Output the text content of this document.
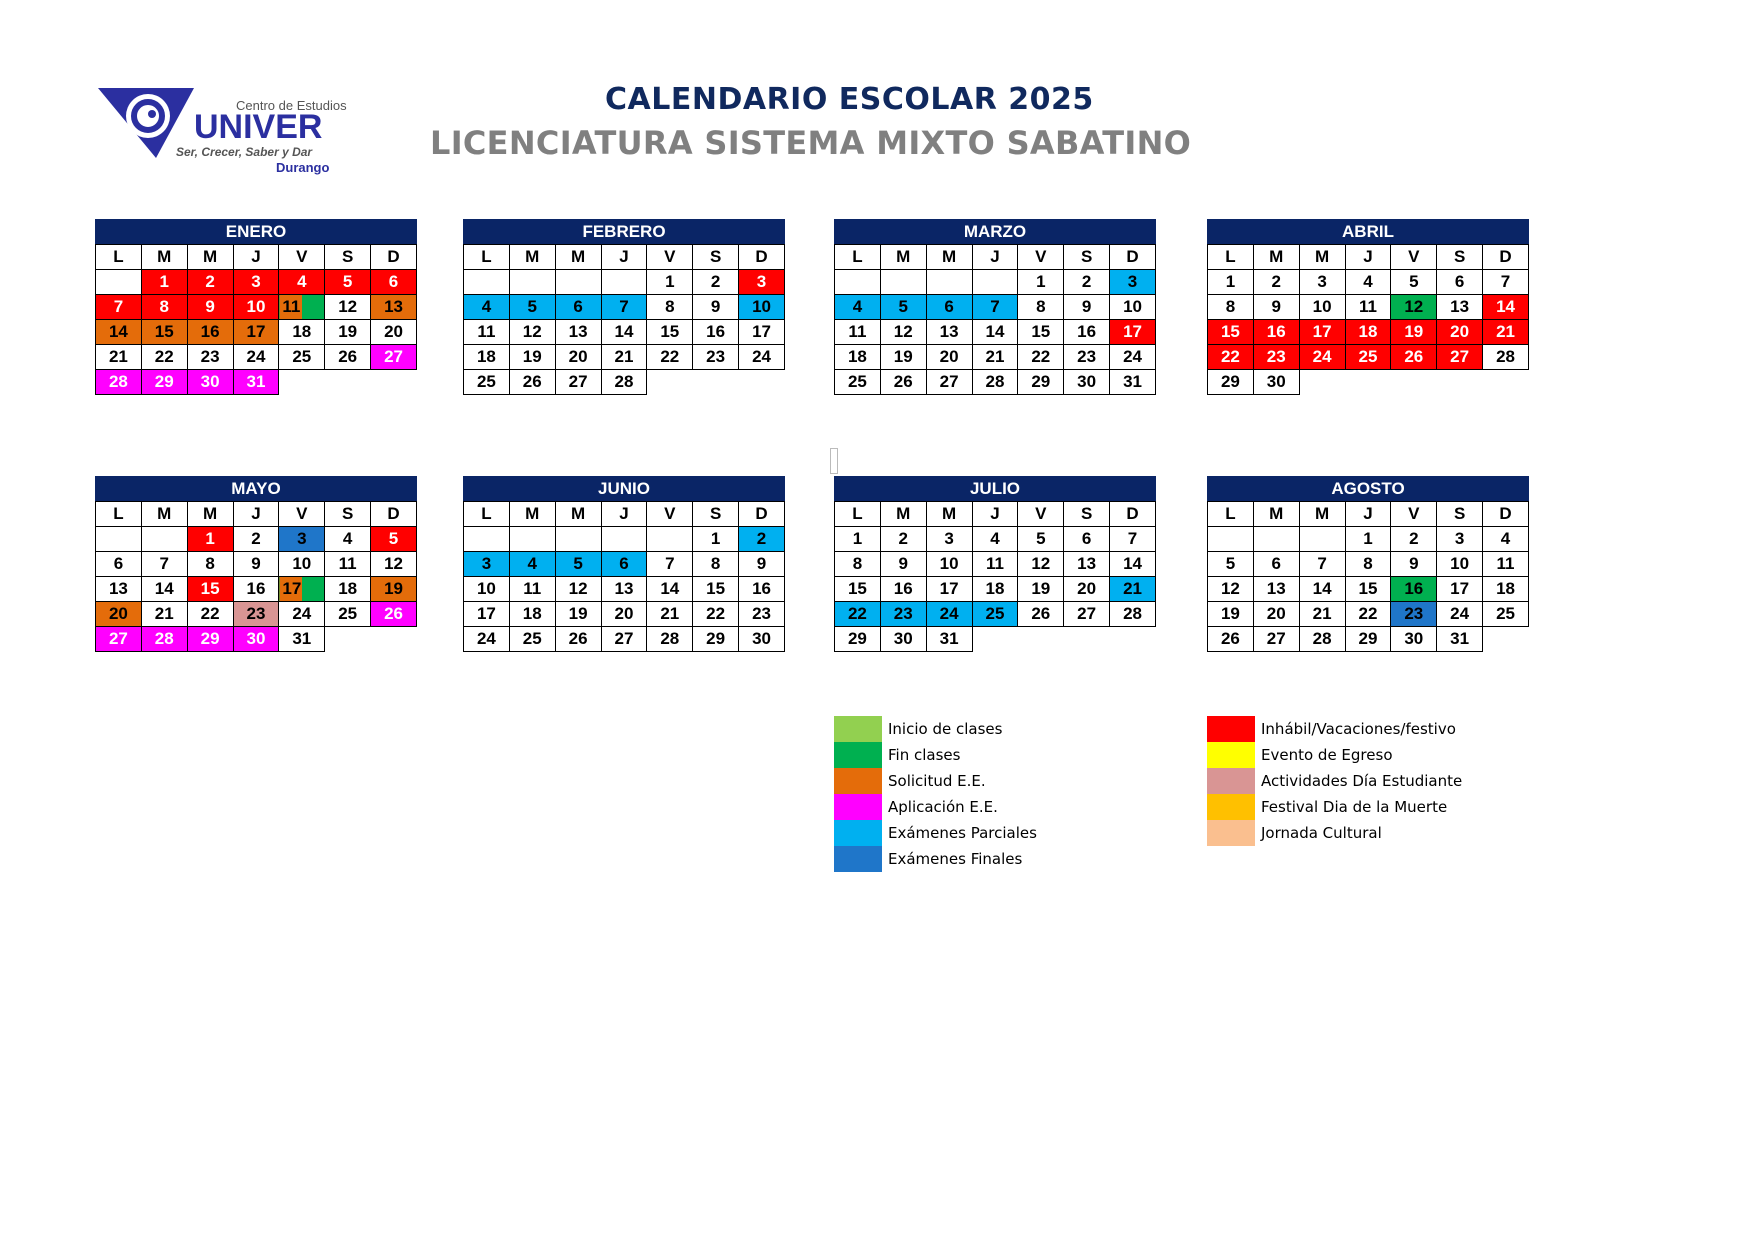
Centro de Estudios
UNIVER
Ser, Crecer, Saber y Dar
Durango
CALENDARIO ESCOLAR 2025
LICENCIATURA SISTEMA MIXTO SABATINO
ENERO
L	M	M	J	V	S	D
	1	2	3	4	5	6
7	8	9	10	11	12	13
14	15	16	17	18	19	20
21	22	23	24	25	26	27
28	29	30	31			
FEBRERO
L	M	M	J	V	S	D
				1	2	3
4	5	6	7	8	9	10
11	12	13	14	15	16	17
18	19	20	21	22	23	24
25	26	27	28			
MARZO
L	M	M	J	V	S	D
				1	2	3
4	5	6	7	8	9	10
11	12	13	14	15	16	17
18	19	20	21	22	23	24
25	26	27	28	29	30	31
ABRIL
L	M	M	J	V	S	D
1	2	3	4	5	6	7
8	9	10	11	12	13	14
15	16	17	18	19	20	21
22	23	24	25	26	27	28
29	30					
MAYO
L	M	M	J	V	S	D
		1	2	3	4	5
6	7	8	9	10	11	12
13	14	15	16	17	18	19
20	21	22	23	24	25	26
27	28	29	30	31		
JUNIO
L	M	M	J	V	S	D
					1	2
3	4	5	6	7	8	9
10	11	12	13	14	15	16
17	18	19	20	21	22	23
24	25	26	27	28	29	30
JULIO
L	M	M	J	V	S	D
1	2	3	4	5	6	7
8	9	10	11	12	13	14
15	16	17	18	19	20	21
22	23	24	25	26	27	28
29	30	31				
AGOSTO
L	M	M	J	V	S	D
			1	2	3	4
5	6	7	8	9	10	11
12	13	14	15	16	17	18
19	20	21	22	23	24	25
26	27	28	29	30	31	
Inicio de clases
Fin clases
Solicitud E.E.
Aplicación E.E.
Exámenes Parciales
Exámenes Finales
Inhábil/Vacaciones/festivo
Evento de Egreso
Actividades Día Estudiante
Festival Dia de la Muerte
Jornada Cultural
